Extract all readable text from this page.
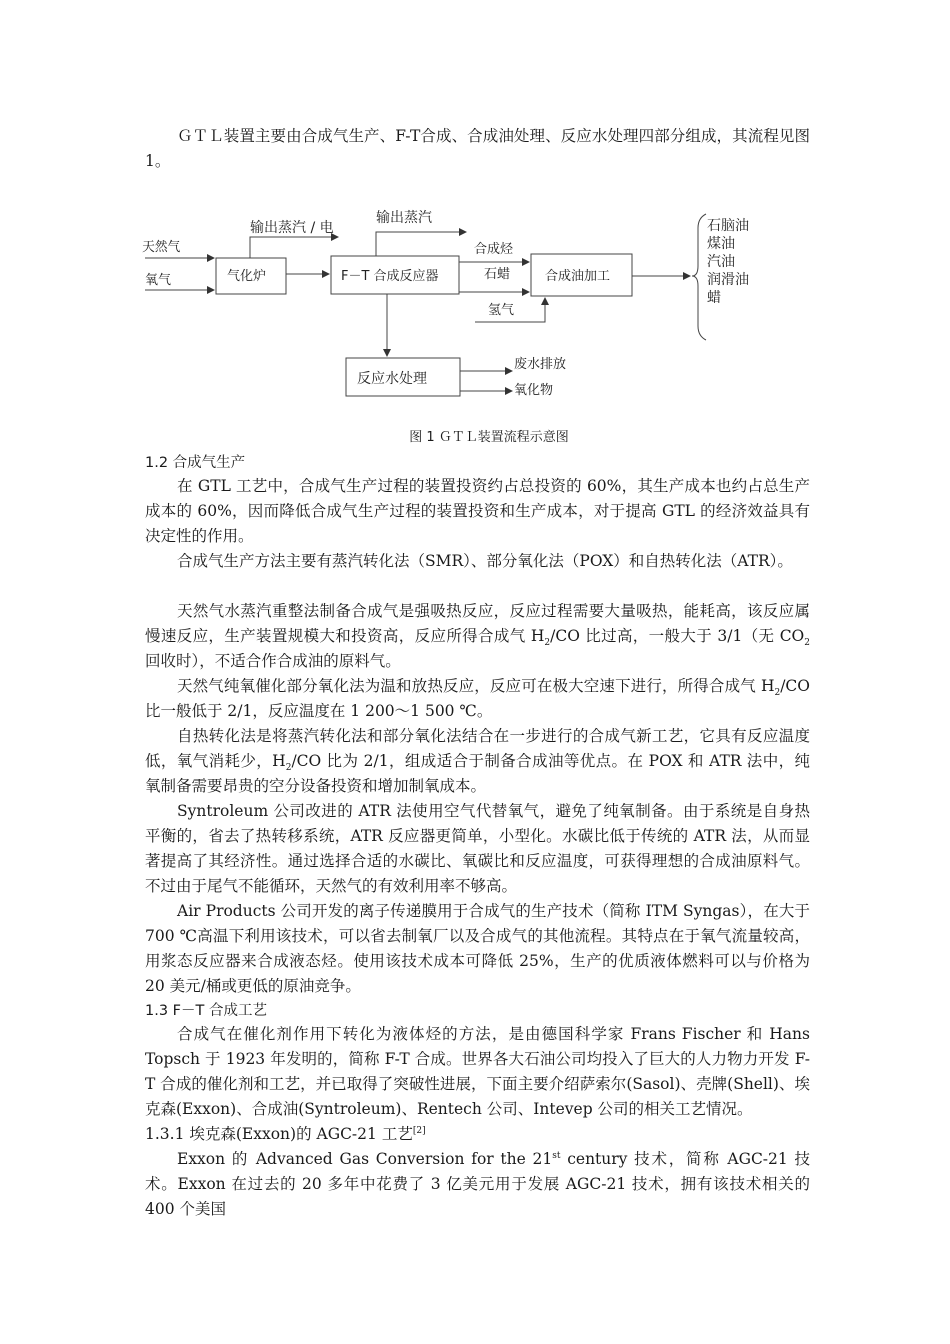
ＧＴＬ装置主要由合成气生产、F-T合成、合成油处理、反应水处理四部分组成，其流程见图1。

天然气
氧气	气化炉	F－T 合成反应器	合成油加工
反应水处理
输出蒸汽 / 电
输出蒸汽
合成烃
石蜡
氢气
废水排放
氧化物
石脑油
煤油
汽油
润滑油
蜡
图 1 ＧＴＬ装置流程示意图
1.2 合成气生产

在 GTL 工艺中，合成气生产过程的装置投资约占总投资的 60%，其生产成本也约占总生产成本的 60%，因而降低合成气生产过程的装置投资和生产成本，对于提高 GTL 的经济效益具有决定性的作用。

合成气生产方法主要有蒸汽转化法（SMR）、部分氧化法（POX）和自热转化法（ATR）。

天然气水蒸汽重整法制备合成气是强吸热反应，反应过程需要大量吸热，能耗高，该反应属慢速反应，生产装置规模大和投资高，反应所得合成气 $H_2/CO$ 比过高，一般大于 3/1（无 $CO_2$回收时），不适合作合成油的原料气。

天然气纯氧催化部分氧化法为温和放热反应，反应可在极大空速下进行，所得合成气 $H_2/CO$ 比一般低于 2/1，反应温度在 1 200～1 500 ℃。

自热转化法是将蒸汽转化法和部分氧化法结合在一步进行的合成气新工艺，它具有反应温度低，氧气消耗少，$H_2/CO$ 比为 2/1，组成适合于制备合成油等优点。在 POX 和 ATR 法中，纯氧制备需要昂贵的空分设备投资和增加制氧成本。

Syntroleum 公司改进的 ATR 法使用空气代替氧气，避免了纯氧制备。由于系统是自身热平衡的，省去了热转移系统，ATR 反应器更简单，小型化。水碳比低于传统的 ATR 法，从而显著提高了其经济性。通过选择合适的水碳比、氧碳比和反应温度，可获得理想的合成油原料气。不过由于尾气不能循环，天然气的有效利用率不够高。

Air Products 公司开发的离子传递膜用于合成气的生产技术（简称 ITM Syngas），在大于 700 ℃高温下利用该技术，可以省去制氧厂以及合成气的其他流程。其特点在于氧气流量较高，用浆态反应器来合成液态烃。使用该技术成本可降低 25%，生产的优质液体燃料可以与价格为 20 美元/桶或更低的原油竞争。

1.3 F－T 合成工艺

合成气在催化剂作用下转化为液体烃的方法，是由德国科学家 Frans Fischer 和 Hans Topsch 于 1923 年发明的，简称 F-T 合成。世界各大石油公司均投入了巨大的人力物力开发 F-T 合成的催化剂和工艺，并已取得了突破性进展，下面主要介绍萨索尔(Sasol)、壳牌(Shell)、埃克森(Exxon)、合成油(Syntroleum)、Rentech 公司、Intevep 公司的相关工艺情况。

1.3.1 埃克森(Exxon)的 AGC-21 工艺[2]

Exxon 的 Advanced Gas Conversion for the 21st century 技术，简称 AGC-21 技术。Exxon 在过去的 20 多年中花费了 3 亿美元用于发展 AGC-21 技术，拥有该技术相关的 400 个美国
